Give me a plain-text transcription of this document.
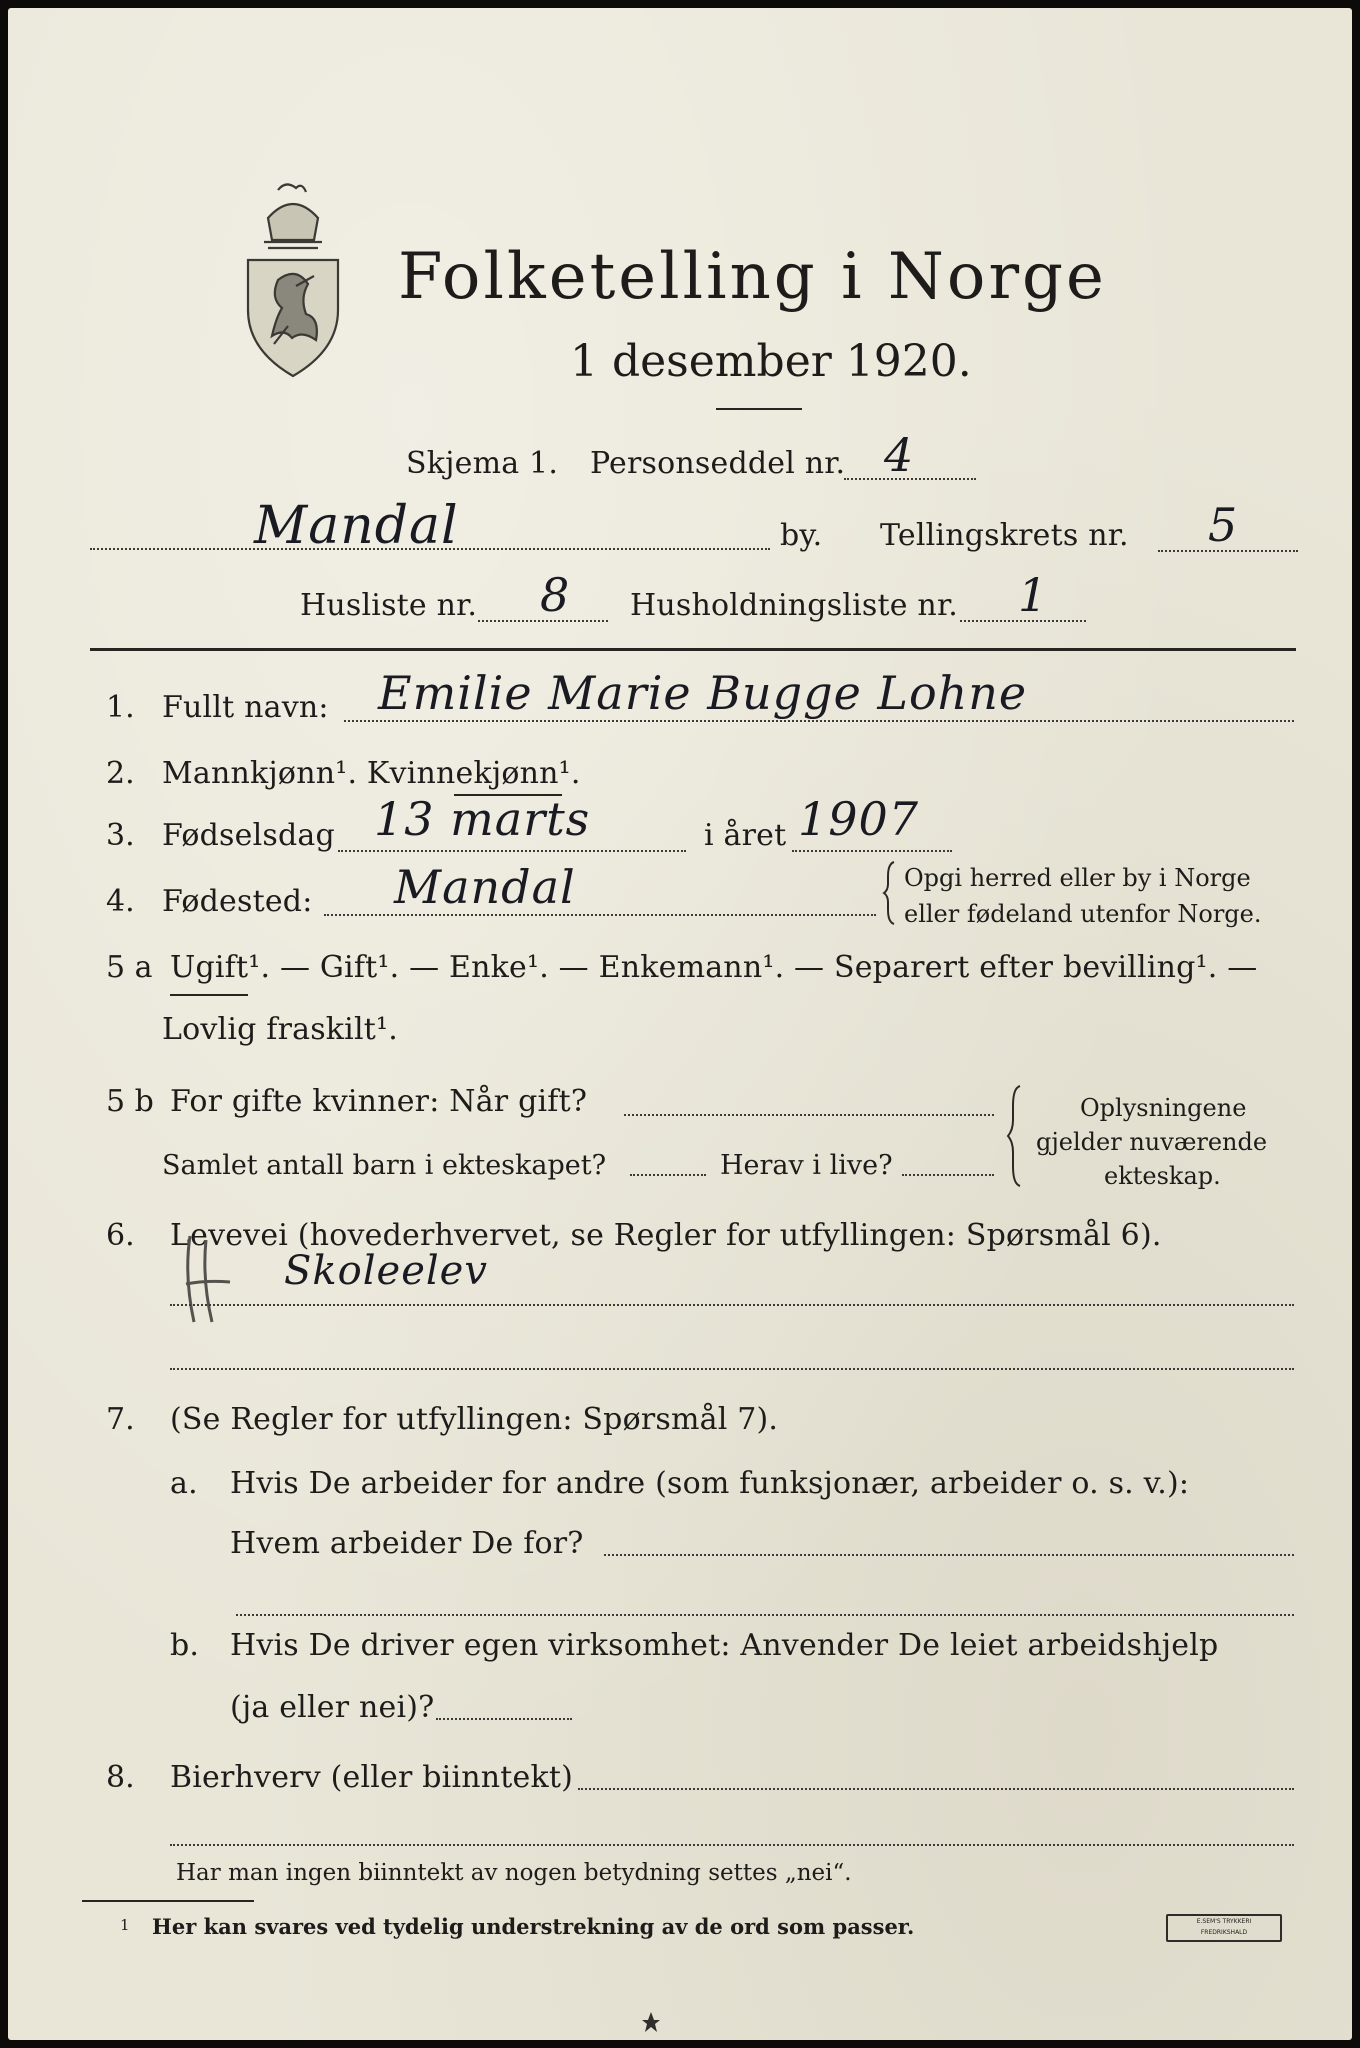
Folketelling i Norge
1 desember 1920.
Skjema 1. Personseddel nr. 4
Mandal	by. Tellingskrets nr. 5
Husliste nr. 8 Husholdningsliste nr. 1
1. Fullt navn: Emilie Marie Bugge Lohne
2. Mannkjønn¹. Kvinnekjønn¹.
3. Fødselsdag 13 marts	i året 1907
4. Fødested: Mandal	Opgi herred eller by i Norge
eller fødeland utenfor Norge.
5 a Ugift¹. — Gift¹. — Enke¹. — Enkemann¹. — Separert efter bevilling¹. —
Lovlig fraskilt¹.
5 b For gifte kvinner: Når gift?
Samlet antall barn i ekteskapet?	Herav i live?
Oplysningene
gjelder nuværende
ekteskap.
6. Levevei (hovederhvervet, se Regler for utfyllingen: Spørsmål 6).
Skoleelev
7. (Se Regler for utfyllingen: Spørsmål 7).
a. Hvis De arbeider for andre (som funksjonær, arbeider o. s. v.):
Hvem arbeider De for?
b. Hvis De driver egen virksomhet: Anvender De leiet arbeidshjelp
(ja eller nei)?
8. Bierhverv (eller biinntekt)
Har man ingen biinntekt av nogen betydning settes „nei“.
1 Her kan svares ved tydelig understrekning av de ord som passer.	E.SEM'S TRYKKERI
FREDRIKSHALD
